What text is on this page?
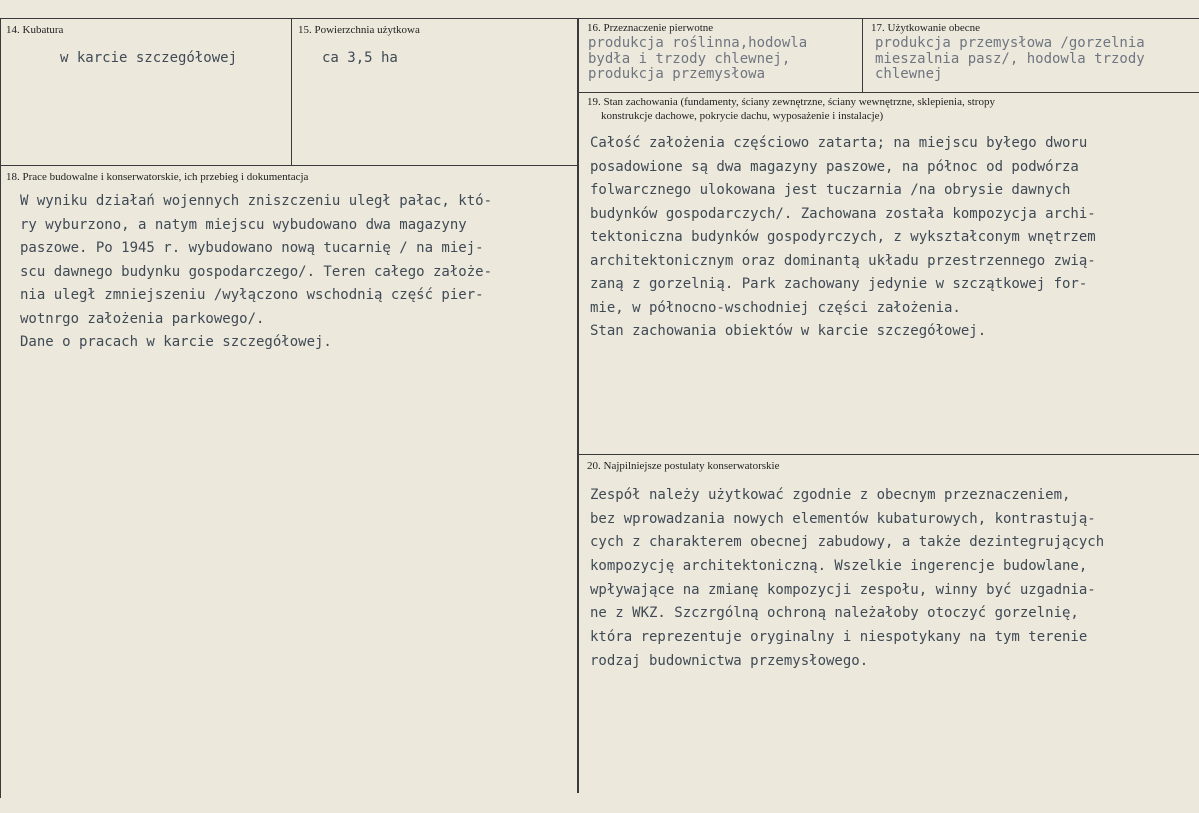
14. Kubatura
w karcie szczegółowej
15. Powierzchnia użytkowa
ca 3,5 ha
16. Przeznaczenie pierwotne
produkcja roślinna,hodowla
bydła i trzody chlewnej,
produkcja przemysłowa
17. Użytkowanie obecne
produkcja przemysłowa /gorzelnia
mieszalnia pasz/, hodowla trzody
chlewnej
18. Prace budowalne i konserwatorskie, ich przebieg i dokumentacja
W wyniku działań wojennych zniszczeniu uległ pałac, któ-
ry wyburzono, a natym miejscu wybudowano dwa magazyny
paszowe. Po 1945 r. wybudowano nową tucarnię / na miej-
scu dawnego budynku gospodarczego/. Teren całego założe-
nia uległ zmniejszeniu /wyłączono wschodnią część pier-
wotnrgo założenia parkowego/.
Dane o pracach w karcie szczegółowej.
19. Stan zachowania (fundamenty, ściany zewnętrzne, ściany wewnętrzne, sklepienia, stropy
konstrukcje dachowe, pokrycie dachu, wyposażenie i instalacje)
Całość założenia częściowo zatarta; na miejscu byłego dworu
posadowione są dwa magazyny paszowe, na północ od podwórza
folwarcznego ulokowana jest tuczarnia /na obrysie dawnych
budynków gospodarczych/. Zachowana została kompozycja archi-
tektoniczna budynków gospodyrczych, z wykształconym wnętrzem
architektonicznym oraz dominantą układu przestrzennego zwią-
zaną z gorzelnią. Park zachowany jedynie w szczątkowej for-
mie, w północno-wschodniej części założenia.
Stan zachowania obiektów w karcie szczegółowej.
20. Najpilniejsze postulaty konserwatorskie
Zespół należy użytkować zgodnie z obecnym przeznaczeniem,
bez wprowadzania nowych elementów kubaturowych, kontrastują-
cych z charakterem obecnej zabudowy, a także dezintegrujących
kompozycję architektoniczną. Wszelkie ingerencje budowlane,
wpływające na zmianę kompozycji zespołu, winny być uzgadnia-
ne z WKZ. Szczrgólną ochroną należałoby otoczyć gorzelnię,
która reprezentuje oryginalny i niespotykany na tym terenie
rodzaj budownictwa przemysłowego.
